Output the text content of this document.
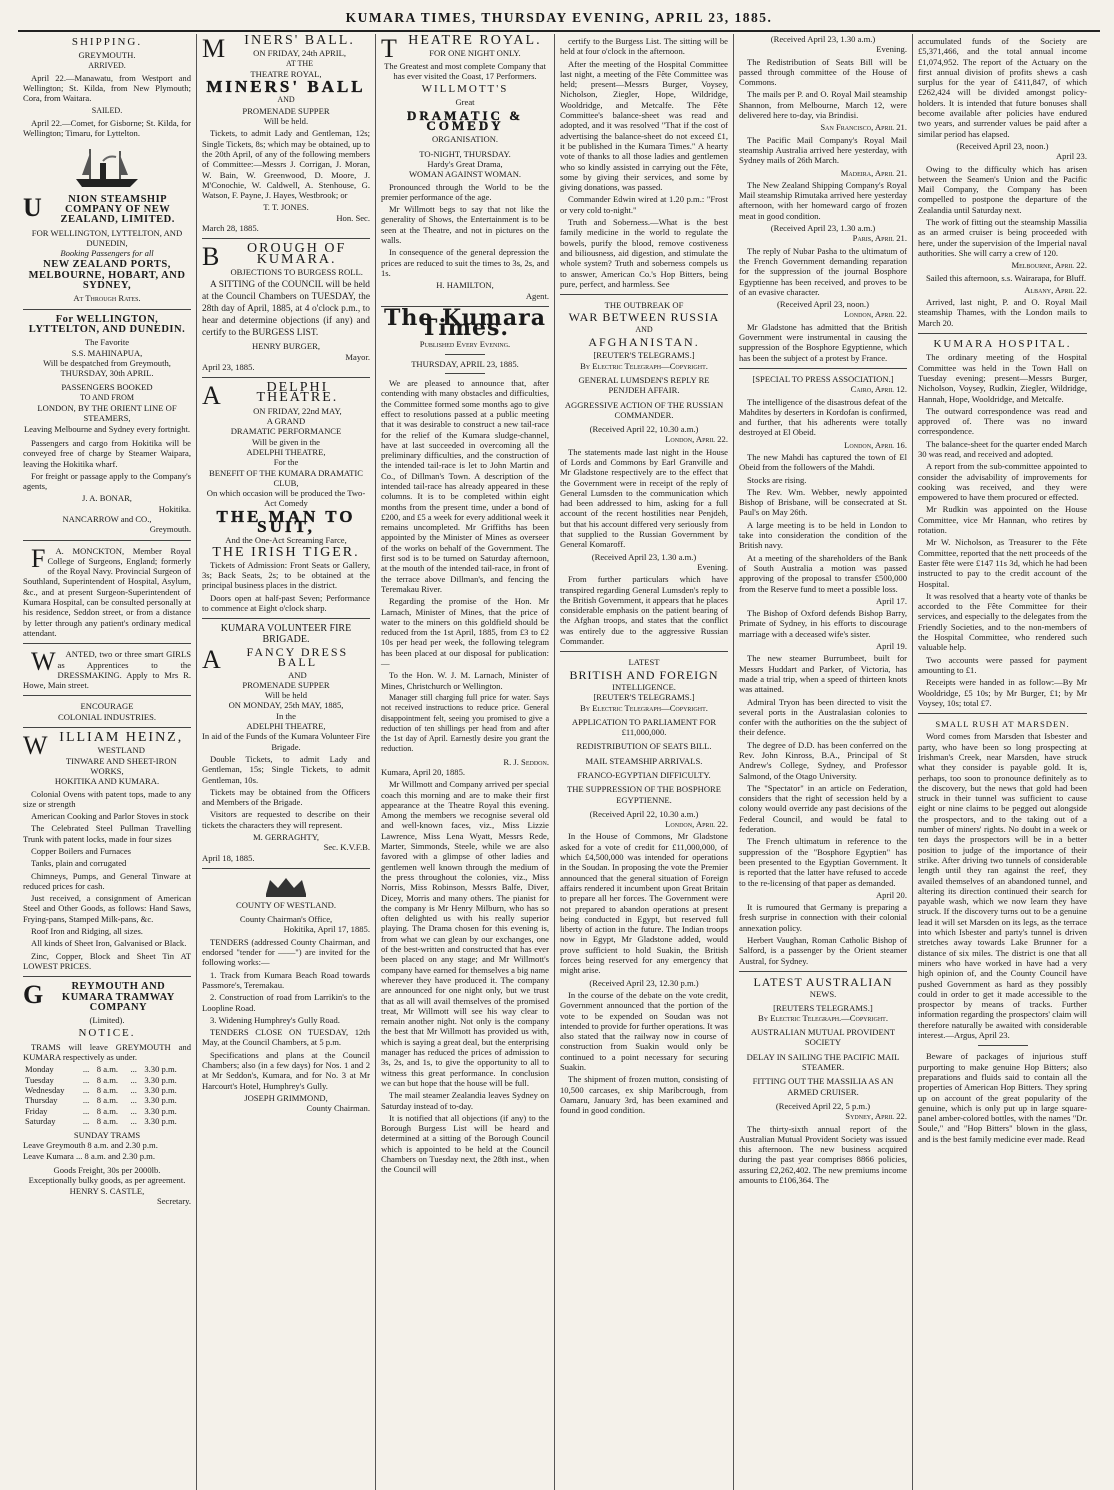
KUMARA TIMES, THURSDAY EVENING, APRIL 23, 1885.
SHIPPING.
GREYMOUTH.
ARRIVED.

April 22.—Manawatu, from Westport and Wellington; St. Kilda, from New Plymouth; Cora, from Waitara.

SAILED.

April 22.—Comet, for Gisborne; St. Kilda, for Wellington; Timaru, for Lyttelton.

U NION STEAMSHIP COMPANY OF NEW ZEALAND, LIMITED.
FOR WELLINGTON, LYTTELTON, AND DUNEDIN,
Booking Passengers for all
NEW ZEALAND PORTS, MELBOURNE, HOBART, AND SYDNEY,
At Through Rates.
For WELLINGTON, LYTTELTON, AND DUNEDIN.
The Favorite
S.S. MAHINAPUA,
Will be despatched from Greymouth, THURSDAY, 30th APRIL.
PASSENGERS BOOKED
TO AND FROM
LONDON, BY THE ORIENT LINE OF STEAMERS,
Leaving Melbourne and Sydney every fortnight.

Passengers and cargo from Hokitika will be conveyed free of charge by Steamer Waipara, leaving the Hokitika wharf.

For freight or passage apply to the Company's agents,

J. A. BONAR,
Hokitika.
NANCARROW and CO.,
Greymouth.

F A. MONCKTON, Member Royal College of Surgeons, England; formerly of the Royal Navy. Provincial Surgeon of Southland, Superintendent of Hospital, Asylum, &c., and at present Surgeon-Superintendent of Kumara Hospital, can be consulted personally at his residence, Seddon street, or from a distance by letter through any patient's ordinary medical attendant.

W ANTED, two or three smart GIRLS as Apprentices to the DRESSMAKING. Apply to Mrs R. Howe, Main street.

ENCOURAGE
COLONIAL INDUSTRIES.
WILLIAM HEINZ,
WESTLAND
TINWARE AND SHEET-IRON WORKS,
HOKITIKA AND KUMARA.

Colonial Ovens with patent tops, made to any size or strength

American Cooking and Parlor Stoves in stock

The Celebrated Steel Pullman Travelling Trunk with patent locks, made in four sizes

Copper Boilers and Furnaces

Tanks, plain and corrugated

Chimneys, Pumps, and General Tinware at reduced prices for cash.

Just received, a consignment of American Steel and Other Goods, as follows: Hand Saws, Frying-pans, Stamped Milk-pans, &c.

Roof Iron and Ridging, all sizes.

All kinds of Sheet Iron, Galvanised or Black.

Zinc, Copper, Block and Sheet Tin AT LOWEST PRICES.

G	REYMOUTH AND KUMARA TRAMWAY COMPANY
(Limited).
NOTICE.

TRAMS will leave GREYMOUTH and KUMARA respectively as under.

Monday	...	8 a.m.	...	3.30 p.m.
Tuesday	...	8 a.m.	...	3.30 p.m.
Wednesday	...	8 a.m.	...	3.30 p.m.
Thursday	...	8 a.m.	...	3.30 p.m.
Friday	...	8 a.m.	...	3.30 p.m.
Saturday	...	8 a.m.	...	3.30 p.m.
SUNDAY TRAMS
Leave Greymouth 8 a.m. and 2.30 p.m.
Leave Kumara ... 8 a.m. and 2.30 p.m.
Goods Freight, 30s per 2000lb.
Exceptionally bulky goods, as per agreement.
HENRY S. CASTLE,
Secretary.
M INERS' BALL.
ON FRIDAY, 24th APRIL,
AT THE
THEATRE ROYAL,
MINERS' BALL
AND
PROMENADE SUPPER
Will be held.

Tickets, to admit Lady and Gentleman, 12s; Single Tickets, 8s; which may be obtained, up to the 20th April, of any of the following members of Committee:—Messrs J. Corrigan, J. Moran, W. Bain, W. Greenwood, D. Moore, J. M'Conochie, W. Caldwell, A. Stenhouse, G. Watson, F. Payne, J. Hayes, Westbrook; or

T. T. JONES.
Hon. Sec.
March 28, 1885.
B OROUGH OF KUMARA.
OBJECTIONS TO BURGESS ROLL.

A SITTING of the COUNCIL will be held at the Council Chambers on TUESDAY, the 28th day of April, 1885, at 4 o'clock p.m., to hear and determine objections (if any) and certify to the BURGESS LIST.

HENRY BURGER,
Mayor.
April 23, 1885.
A	DELPHI THEATRE.
ON FRIDAY, 22nd MAY,
A GRAND
DRAMATIC PERFORMANCE
Will be given in the
ADELPHI THEATRE,
For the
BENEFIT OF THE KUMARA DRAMATIC CLUB,
On which occasion will be produced the Two-Act Comedy
THE MAN TO SUIT,
And the One-Act Screaming Farce,
THE IRISH TIGER.

Tickets of Admission: Front Seats or Gallery, 3s; Back Seats, 2s; to be obtained at the principal business places in the district.

Doors open at half-past Seven; Performance to commence at Eight o'clock sharp.

KUMARA VOLUNTEER FIRE BRIGADE.
A FANCY DRESS BALL
AND
PROMENADE SUPPER
Will be held
ON MONDAY, 25th MAY, 1885,
In the
ADELPHI THEATRE,
In aid of the Funds of the Kumara Volunteer Fire Brigade.

Double Tickets, to admit Lady and Gentleman, 15s; Single Tickets, to admit Gentleman, 10s.

Tickets may be obtained from the Officers and Members of the Brigade.

Visitors are requested to describe on their tickets the characters they will represent.

M. GERRAGHTY,
Sec. K.V.F.B.
April 18, 1885.
COUNTY OF WESTLAND.
County Chairman's Office,
Hokitika, April 17, 1885.

TENDERS (addressed County Chairman, and endorsed "tender for ——") are invited for the following works:—

1. Track from Kumara Beach Road towards Passmore's, Teremakau.

2. Construction of road from Larrikin's to the Loopline Road.

3. Widening Humphrey's Gully Road.

TENDERS CLOSE ON TUESDAY, 12th May, at the Council Chambers, at 5 p.m.

Specifications and plans at the Council Chambers; also (in a few days) for Nos. 1 and 2 at Mr Seddon's, Kumara, and for No. 3 at Mr Harcourt's Hotel, Humphrey's Gully.

JOSEPH GRIMMOND,
County Chairman.
THEATRE ROYAL.
FOR ONE NIGHT ONLY.

The Greatest and most complete Company that has ever visited the Coast, 17 Performers.

WILLMOTT'S
Great
DRAMATIC & COMEDY
ORGANISATION.
TO-NIGHT, THURSDAY.
Hardy's Great Drama,
WOMAN AGAINST WOMAN.

Pronounced through the World to be the premier performance of the age.

Mr Willmott begs to say that not like the generality of Shows, the Entertainment is to be seen at the Theatre, and not in pictures on the walls.

In consequence of the general depression the prices are reduced to suit the times to 3s, 2s, and 1s.

H. HAMILTON,
Agent.
The Kumara Times.
Published Every Evening.
THURSDAY, APRIL 23, 1885.

We are pleased to announce that, after contending with many obstacles and difficulties, the Committee formed some months ago to give effect to resolutions passed at a public meeting that it was desirable to construct a new tail-race for the relief of the Kumara sludge-channel, have at last succeeded in overcoming all the preliminary difficulties, and the construction of the intended tail-race is let to John Martin and Co., of Dillman's Town. A description of the intended tail-race has already appeared in these columns. It is to be completed within eight months from the present time, under a bond of £200, and £5 a week for every additional week it remains uncompleted. Mr Griffiths has been appointed by the Minister of Mines as overseer of the works on behalf of the Government. The first sod is to be turned on Saturday afternoon, at the mouth of the intended tail-race, in front of the terrace above Dillman's, and fencing the Teremakau River.

Regarding the promise of the Hon. Mr Larnach, Minister of Mines, that the price of water to the miners on this goldfield should be reduced from the 1st April, 1885, from £3 to £2 10s per head per week, the following telegram has been placed at our disposal for publication:—

To the Hon. W. J. M. Larnach, Minister of Mines, Christchurch or Wellington.

Manager still charging full price for water. Says not received instructions to reduce price. General disappointment felt, seeing you promised to give a reduction of ten shillings per head from and after the 1st day of April. Earnestly desire you grant the reduction.

R. J. Seddon.
Kumara, April 20, 1885.

Mr Willmott and Company arrived per special coach this morning and are to make their first appearance at the Theatre Royal this evening. Among the members we recognise several old and well-known faces, viz., Miss Lizzie Lawrence, Miss Lena Wyatt, Messrs Rede, Marter, Simmonds, Steele, while we are also favored with a glimpse of other ladies and gentlemen well known through the medium of the press throughout the colonies, viz., Miss Norris, Miss Robinson, Messrs Balfe, Diver, Dicey, Morris and many others. The pianist for the company is Mr Henry Milburn, who has so often delighted us with his really superior playing. The Drama chosen for this evening is, from what we can glean by our exchanges, one of the best-written and constructed that has ever been placed on any stage; and Mr Willmott's company have earned for themselves a big name wherever they have produced it. The company are announced for one night only, but we trust that as all will avail themselves of the promised treat, Mr Willmott will see his way clear to remain another night. Not only is the company the best that Mr Willmott has provided us with, which is saying a great deal, but the enterprising manager has reduced the prices of admission to 3s, 2s, and 1s, to give the opportunity to all to witness this great performance. In conclusion we can but hope that the house will be full.

The mail steamer Zealandia leaves Sydney on Saturday instead of to-day.

It is notified that all objections (if any) to the Borough Burgess List will be heard and determined at a sitting of the Borough Council which is appointed to be held at the Council Chambers on Tuesday next, the 28th inst., when the Council will

certify to the Burgess List. The sitting will be held at four o'clock in the afternoon.

After the meeting of the Hospital Committee last night, a meeting of the Fête Committee was held; present—Messrs Burger, Voysey, Nicholson, Ziegler, Hope, Wildridge, Wooldridge, and Metcalfe. The Fête Committee's balance-sheet was read and adopted, and it was resolved "That if the cost of advertising the balance-sheet do not exceed £1, it be published in the Kumara Times." A hearty vote of thanks to all those ladies and gentlemen who so kindly assisted in carrying out the Fête, some by giving their services, and some by giving donations, was passed.

Commander Edwin wired at 1.20 p.m.: "Frost or very cold to-night."

Truth and Soberness.—What is the best family medicine in the world to regulate the bowels, purify the blood, remove costiveness and biliousness, aid digestion, and stimulate the whole system? Truth and soberness compels us to answer, American Co.'s Hop Bitters, being pure, perfect, and harmless. See

THE OUTBREAK OF
WAR BETWEEN RUSSIA
AND
AFGHANISTAN.
[REUTER'S TELEGRAMS.]
By Electric Telegraph—Copyright.
GENERAL LUMSDEN'S REPLY RE PENJDEH AFFAIR.
AGGRESSIVE ACTION OF THE RUSSIAN COMMANDER.
(Received April 22, 10.30 a.m.)
London, April 22.

The statements made last night in the House of Lords and Commons by Earl Granville and Mr Gladstone respectively are to the effect that the Government were in receipt of the reply of General Lumsden to the communication which had been addressed to him, asking for a full account of the recent hostilities near Penjdeh, but that his account differed very seriously from that supplied to the Russian Government by General Komaroff.

(Received April 23, 1.30 a.m.)
Evening.

From further particulars which have transpired regarding General Lumsden's reply to the British Government, it appears that he places considerable emphasis on the patient bearing of the Afghan troops, and states that the conflict was entirely due to the aggressive Russian Commander.

LATEST
BRITISH AND FOREIGN
INTELLIGENCE.
[REUTER'S TELEGRAMS.]
By Electric Telegraph—Copyright.
APPLICATION TO PARLIAMENT FOR £11,000,000.
REDISTRIBUTION OF SEATS BILL.
MAIL STEAMSHIP ARRIVALS.
FRANCO-EGYPTIAN DIFFICULTY.
THE SUPPRESSION OF THE BOSPHORE EGYPTIENNE.
(Received April 22, 10.30 a.m.)
London, April 22.

In the House of Commons, Mr Gladstone asked for a vote of credit for £11,000,000, of which £4,500,000 was intended for operations in the Soudan. In proposing the vote the Premier announced that the general situation of Foreign affairs rendered it incumbent upon Great Britain to prepare all her forces. The Government were not prepared to abandon operations at present being conducted in Egypt, but reserved full liberty of action in the future. The Indian troops now in Egypt, Mr Gladstone added, would prove sufficient to hold Suakin, the British forces being reserved for any emergency that might arise.

(Received April 23, 12.30 p.m.)

In the course of the debate on the vote credit, Government announced that the portion of the vote to be expended on Soudan was not intended to provide for further operations. It was also stated that the railway now in course of construction from Suakin would only be continued to a point necessary for securing Suakin.

The shipment of frozen mutton, consisting of 10,500 carcases, ex ship Maribcrough, from Oamaru, January 3rd, has been examined and found in good condition.

(Received April 23, 1.30 a.m.)
Evening.

The Redistribution of Seats Bill will be passed through committee of the House of Commons.

The mails per P. and O. Royal Mail steamship Shannon, from Melbourne, March 12, were delivered here to-day, via Brindisi.

San Francisco, April 21.

The Pacific Mail Company's Royal Mail steamship Australia arrived here yesterday, with Sydney mails of 26th March.

Madeira, April 21.

The New Zealand Shipping Company's Royal Mail steamship Rimutaka arrived here yesterday afternoon, with her homeward cargo of frozen meat in good condition.

(Received April 23, 1.30 a.m.)
Paris, April 21.

The reply of Nubar Pasha to the ultimatum of the French Government demanding reparation for the suppression of the journal Bosphore Egyptienne has been received, and proves to be of an evasive character.

(Received April 23, noon.)
London, April 22.

Mr Gladstone has admitted that the British Government were instrumental in causing the suppression of the Bosphore Egyptienne, which has been the subject of a protest by France.

[SPECIAL TO PRESS ASSOCIATION.]
Cairo, April 12.

The intelligence of the disastrous defeat of the Mahdites by deserters in Kordofan is confirmed, and further, that his adherents were totally destroyed at El Obeid.

London, April 16.

The new Mahdi has captured the town of El Obeid from the followers of the Mahdi.

Stocks are rising.

The Rev. Wm. Webber, newly appointed Bishop of Brisbane, will be consecrated at St. Paul's on May 26th.

A large meeting is to be held in London to take into consideration the condition of the British navy.

At a meeting of the shareholders of the Bank of South Australia a motion was passed approving of the proposal to transfer £500,000 from the Reserve fund to meet a possible loss.

April 17.

The Bishop of Oxford defends Bishop Barry, Primate of Sydney, in his efforts to discourage marriage with a deceased wife's sister.

April 19.

The new steamer Burrumbeet, built for Messrs Huddart and Parker, of Victoria, has made a trial trip, when a speed of thirteen knots was attained.

Admiral Tryon has been directed to visit the several ports in the Australasian colonies to confer with the authorities on the the subject of their defence.

The degree of D.D. has been conferred on the Rev. John Kinross, B.A., Principal of St Andrew's College, Sydney, and Professor Salmond, of the Otago University.

The "Spectator" in an article on Federation, considers that the right of secession held by a colony would override any past decisions of the Federal Council, and would be fatal to federation.

The French ultimatum in reference to the suppression of the "Bosphore Egyptien" has been presented to the Egyptian Government. It is reported that the latter have refused to accede to the re-licensing of that paper as demanded.

April 20.

It is rumoured that Germany is preparing a fresh surprise in connection with their colonial annexation policy.

Herbert Vaughan, Roman Catholic Bishop of Salford, is a passenger by the Orient steamer Austral, for Sydney.

LATEST AUSTRALIAN
NEWS.
[REUTERS TELEGRAMS.]
By Electric Telegraph.—Copyright.
AUSTRALIAN MUTUAL PROVIDENT SOCIETY
DELAY IN SAILING THE PACIFIC MAIL STEAMER.
FITTING OUT THE MASSILIA AS AN ARMED CRUISER.
(Received April 22, 5 p.m.)
Sydney, April 22.

The thirty-sixth annual report of the Australian Mutual Provident Society was issued this afternoon. The new business acquired during the past year comprises 8866 policies, assuring £2,262,402. The new premiums income amounts to £106,364. The

accumulated funds of the Society are £5,371,466, and the total annual income £1,074,952. The report of the Actuary on the first annual division of profits shews a cash surplus for the year of £411,847, of which £262,424 will be divided amongst policy-holders. It is intended that future bonuses shall become available after policies have endured two years, and surrender values be paid after a similar period has elapsed.

(Received April 23, noon.)
April 23.

Owing to the difficulty which has arisen between the Seamen's Union and the Pacific Mail Company, the Company has been compelled to postpone the departure of the Zealandia until Saturday next.

The work of fitting out the steamship Massilia as an armed cruiser is being proceeded with here, under the supervision of the Imperial naval authorities. She will carry a crew of 120.

Melbourne, April 22.

Sailed this afternoon, s.s. Wairarapa, for Bluff.

Albany, April 22.

Arrived, last night, P. and O. Royal Mail steamship Thames, with the London mails to March 20.

KUMARA HOSPITAL.

The ordinary meeting of the Hospital Committee was held in the Town Hall on Tuesday evening; present—Messrs Burger, Nicholson, Voysey, Rudkin, Ziegler, Wildridge, Hannah, Hope, Wooldridge, and Metcalfe.

The outward correspondence was read and approved of. There was no inward correspondence.

The balance-sheet for the quarter ended March 30 was read, and received and adopted.

A report from the sub-committee appointed to consider the advisability of improvements for cooking was received, and they were empowered to have them procured or effected.

Mr Rudkin was appointed on the House Committee, vice Mr Hannan, who retires by rotation.

Mr W. Nicholson, as Treasurer to the Fête Committee, reported that the nett proceeds of the Easter fête were £147 11s 3d, which he had been instructed to pay to the credit account of the Hospital.

It was resolved that a hearty vote of thanks be accorded to the Fête Committee for their services, and especially to the delegates from the Friendly Societies, and to the non-members of the Hospital Committee, who rendered such valuable help.

Two accounts were passed for payment amounting to £1.

Receipts were handed in as follow:—By Mr Wooldridge, £5 10s; by Mr Burger, £1; by Mr Voysey, 10s; total £7.

SMALL RUSH AT MARSDEN.

Word comes from Marsden that Isbester and party, who have been so long prospecting at Irishman's Creek, near Marsden, have struck what they consider is payable gold. It is, perhaps, too soon to pronounce definitely as to the discovery, but the news that gold had been struck in their tunnel was sufficient to cause eight or nine claims to be pegged out alongside the prospectors, and to the taking out of a number of miners' rights. No doubt in a week or ten days the prospectors will be in a better position to judge of the importance of their strike. After driving two tunnels of considerable length until they ran against the reef, they availed themselves of an abandoned tunnel, and altering its direction continued their search for payable wash, which we now learn they have struck. If the discovery turns out to be a genuine lead it will set Marsden on its legs, as the terrace into which Isbester and party's tunnel is driven stretches away towards Lake Brunner for a distance of six miles. The district is one that all miners who have worked in have had a very high opinion of, and the County Council have pushed Government as hard as they possibly could in order to get it made accessible to the prospector by means of tracks. Further information regarding the prospectors' claim will therefore naturally be awaited with considerable interest.—Argus, April 23.

Beware of packages of injurious stuff purporting to make genuine Hop Bitters; also preparations and fluids said to contain all the properties of American Hop Bitters. They spring up on account of the great popularity of the genuine, which is only put up in large square-panel amber-colored bottles, with the names "Dr. Soule," and "Hop Bitters" blown in the glass, and is the best family medicine ever made. Read
